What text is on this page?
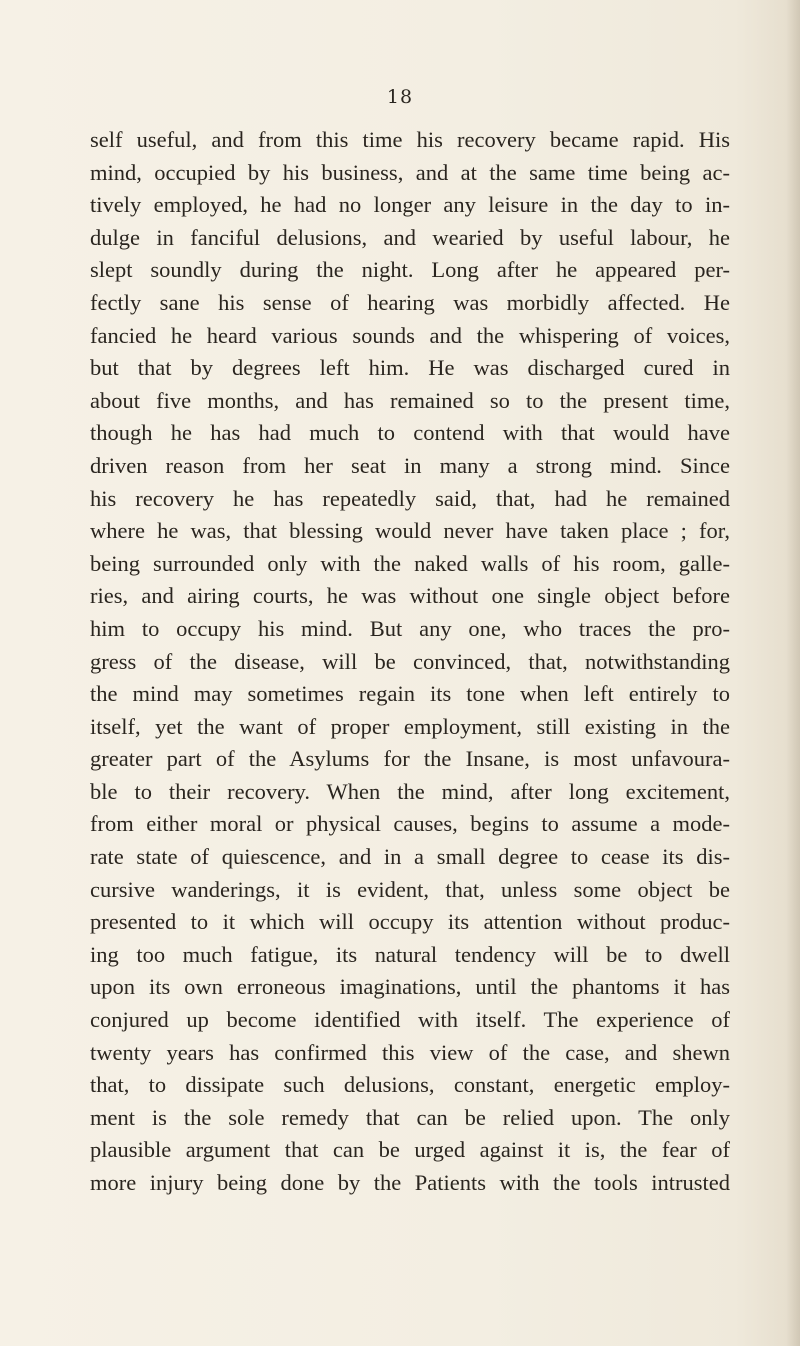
18
self useful, and from this time his recovery became rapid. His
mind, occupied by his business, and at the same time being ac-
tively employed, he had no longer any leisure in the day to in-
dulge in fanciful delusions, and wearied by useful labour, he
slept soundly during the night. Long after he appeared per-
fectly sane his sense of hearing was morbidly affected. He
fancied he heard various sounds and the whispering of voices,
but that by degrees left him. He was discharged cured in
about five months, and has remained so to the present time,
though he has had much to contend with that would have
driven reason from her seat in many a strong mind. Since
his recovery he has repeatedly said, that, had he remained
where he was, that blessing would never have taken place ; for,
being surrounded only with the naked walls of his room, galle-
ries, and airing courts, he was without one single object before
him to occupy his mind. But any one, who traces the pro-
gress of the disease, will be convinced, that, notwithstanding
the mind may sometimes regain its tone when left entirely to
itself, yet the want of proper employment, still existing in the
greater part of the Asylums for the Insane, is most unfavoura-
ble to their recovery. When the mind, after long excitement,
from either moral or physical causes, begins to assume a mode-
rate state of quiescence, and in a small degree to cease its dis-
cursive wanderings, it is evident, that, unless some object be
presented to it which will occupy its attention without produc-
ing too much fatigue, its natural tendency will be to dwell
upon its own erroneous imaginations, until the phantoms it has
conjured up become identified with itself. The experience of
twenty years has confirmed this view of the case, and shewn
that, to dissipate such delusions, constant, energetic employ-
ment is the sole remedy that can be relied upon. The only
plausible argument that can be urged against it is, the fear of
more injury being done by the Patients with the tools intrusted
